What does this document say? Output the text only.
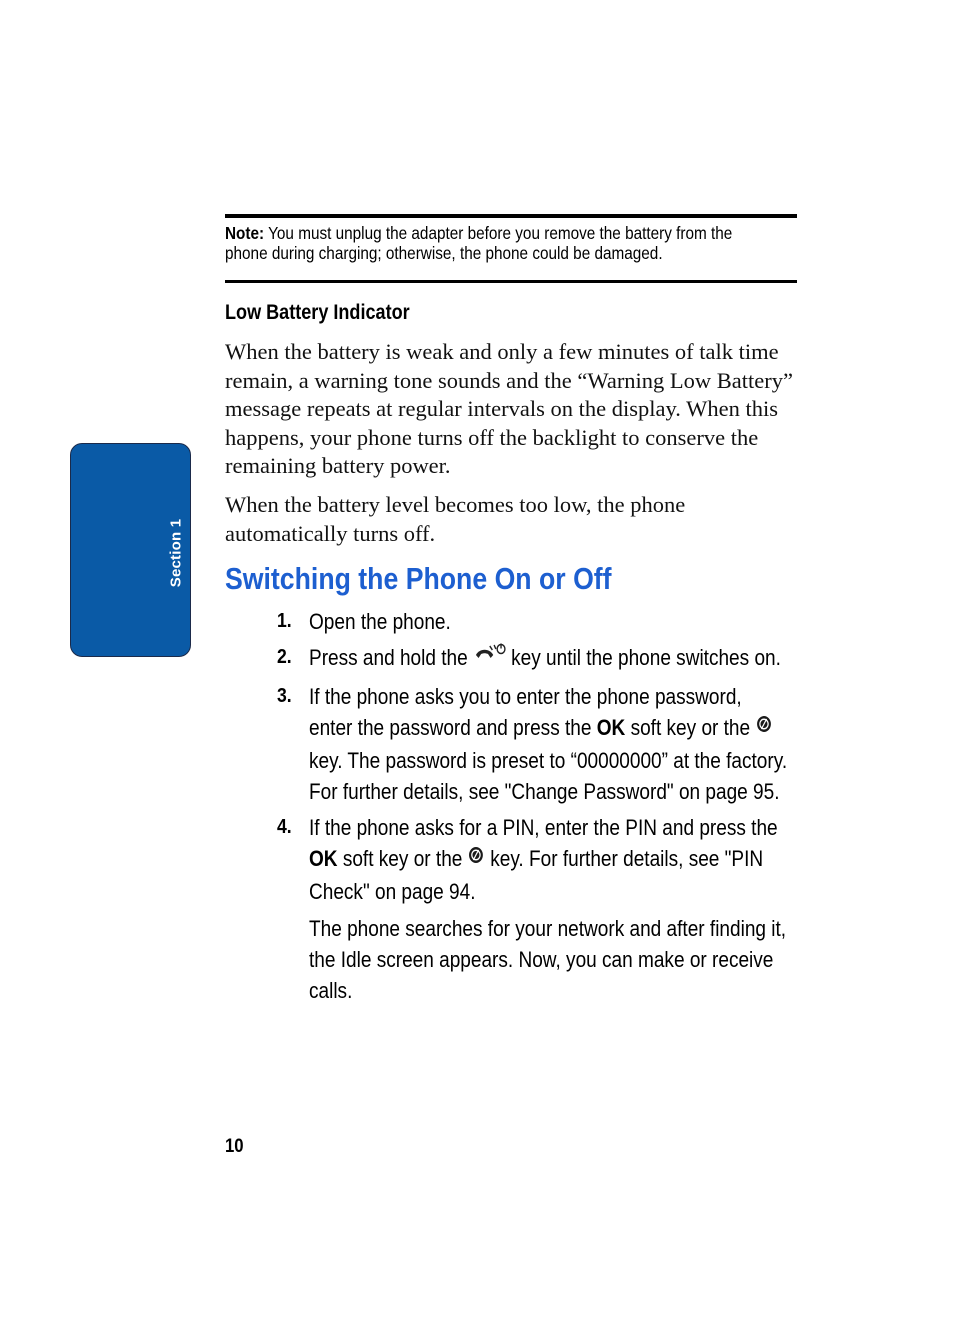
Section 1
Note: You must unplug the adapter before you remove the battery from the phone during charging; otherwise, the phone could be damaged.
Low Battery Indicator
When the battery is weak and only a few minutes of talk time remain, a warning tone sounds and the “Warning Low Battery” message repeats at regular intervals on the display. When this happens, your phone turns off the backlight to conserve the remaining battery power.
When the battery level becomes too low, the phone automatically turns off.
Switching the Phone On or Off
1. Open the phone.
2. Press and hold the  key until the phone switches on.
3. If the phone asks you to enter the phone password, enter the password and press the OK soft key or the  key. The password is preset to “00000000” at the factory. For further details, see "Change Password" on page 95.
4. If the phone asks for a PIN, enter the PIN and press the OK soft key or the  key. For further details, see "PIN Check" on page 94.
The phone searches for your network and after finding it, the Idle screen appears. Now, you can make or receive calls.
10
